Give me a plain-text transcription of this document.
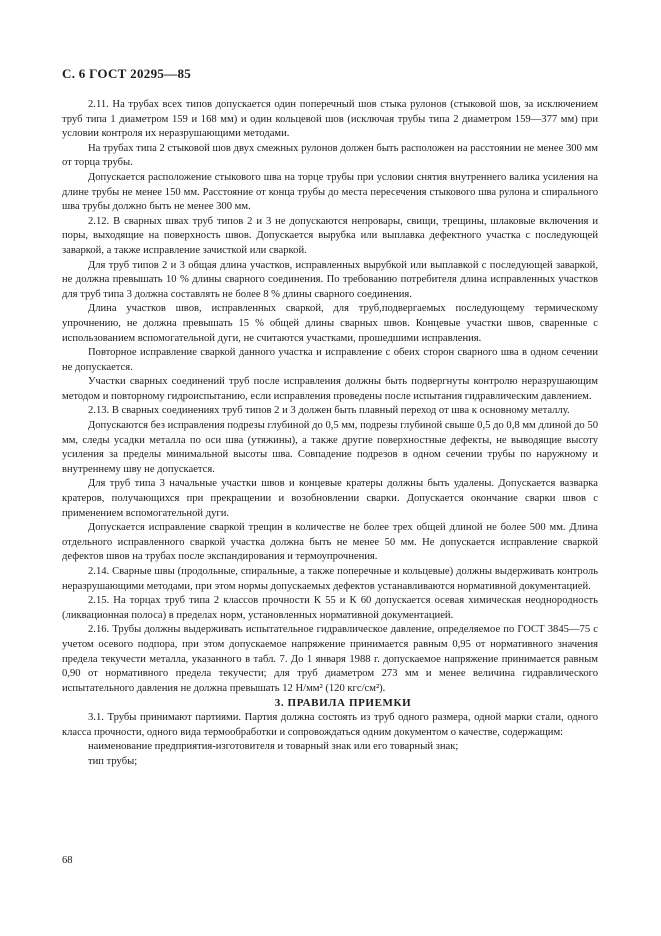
С. 6 ГОСТ 20295—85

2.11. На трубах всех типов допускается один поперечный шов стыка рулонов (стыковой шов, за исключением труб типа 1 диаметром 159 и 168 мм) и один кольцевой шов (исключая трубы типа 2 диаметром 159—377 мм) при условии контроля их неразрушающими методами.

На трубах типа 2 стыковой шов двух смежных рулонов должен быть расположен на расстоянии не менее 300 мм от торца трубы.

Допускается расположение стыкового шва на торце трубы при условии снятия внутреннего валика усиления на длине трубы не менее 150 мм. Расстояние от конца трубы до места пересечения стыкового шва рулона и спирального шва трубы должно быть не менее 300 мм.

2.12. В сварных швах труб типов 2 и 3 не допускаются непровары, свищи, трещины, шлаковые включения и поры, выходящие на поверхность швов. Допускается вырубка или выплавка дефектного участка с последующей заваркой, а также исправление зачисткой или сваркой.

Для труб типов 2 и 3 общая длина участков, исправленных вырубкой или выплавкой с последующей заваркой, не должна превышать 10 % длины сварного соединения. По требованию потребителя длина исправленных участков для труб типа 3 должна составлять не более 8 % длины сварного соединения.

Длина участков швов, исправленных сваркой, для труб,подвергаемых последующему термическому упрочнению, не должна превышать 15 % общей длины сварных швов. Концевые участки швов, сваренные с использованием вспомогательной дуги, не считаются участками, прошедшими исправления.

Повторное исправление сваркой данного участка и исправление с обеих сторон сварного шва в одном сечении не допускается.

Участки сварных соединений труб после исправления должны быть подвергнуты контролю неразрушающим методом и повторному гидроиспытанию, если исправления проведены после испытания гидравлическим давлением.

2.13. В сварных соединениях труб типов 2 и 3 должен быть плавный переход от шва к основному металлу.

Допускаются без исправления подрезы глубиной до 0,5 мм, подрезы глубиной свыше 0,5 до 0,8 мм длиной до 50 мм, следы усадки металла по оси шва (утяжины), а также другие поверхностные дефекты, не выводящие высоту усиления за пределы минимальной высоты шва. Совпадение подрезов в одном сечении трубы по наружному и внутреннему шву не допускается.

Для труб типа 3 начальные участки швов и концевые кратеры должны быть удалены. Допускается вазварка кратеров, получающихся при прекращении и возобновлении сварки. Допускается окончание сварки швов с применением вспомогательной дуги.

Допускается исправление сваркой трещин в количестве не более трех общей длиной не более 500 мм. Длина отдельного исправленного сваркой участка должна быть не менее 50 мм. Не допускается исправление сваркой дефектов швов на трубах после экспандирования и термоупрочнения.

2.14. Сварные швы (продольные, спиральные, а также поперечные и кольцевые) должны выдерживать контроль неразрушающими методами, при этом нормы допускаемых дефектов устанавливаются нормативной документацией.

2.15. На торцах труб типа 2 классов прочности К 55 и К 60 допускается осевая химическая неоднородность (ликвационная полоса) в пределах норм, установленных нормативной документацией.

2.16. Трубы должны выдерживать испытательное гидравлическое давление, определяемое по ГОСТ 3845—75 с учетом осевого подпора, при этом допускаемое напряжение принимается равным 0,95 от нормативного значения предела текучести металла, указанного в табл. 7. До 1 января 1988 г. допускаемое напряжение принимается равным 0,90 от нормативного предела текучести; для труб диаметром 273 мм и менее величина гидравлического испытательного давления не должна превышать 12 Н/мм² (120 кгс/см²).

3. ПРАВИЛА ПРИЕМКИ

3.1. Трубы принимают партиями. Партия должна состоять из труб одного размера, одной марки стали, одного класса прочности, одного вида термообработки и сопровождаться одним документом о качестве, содержащим:

наименование предприятия-изготовителя и товарный знак или его товарный знак;

тип трубы;

68
